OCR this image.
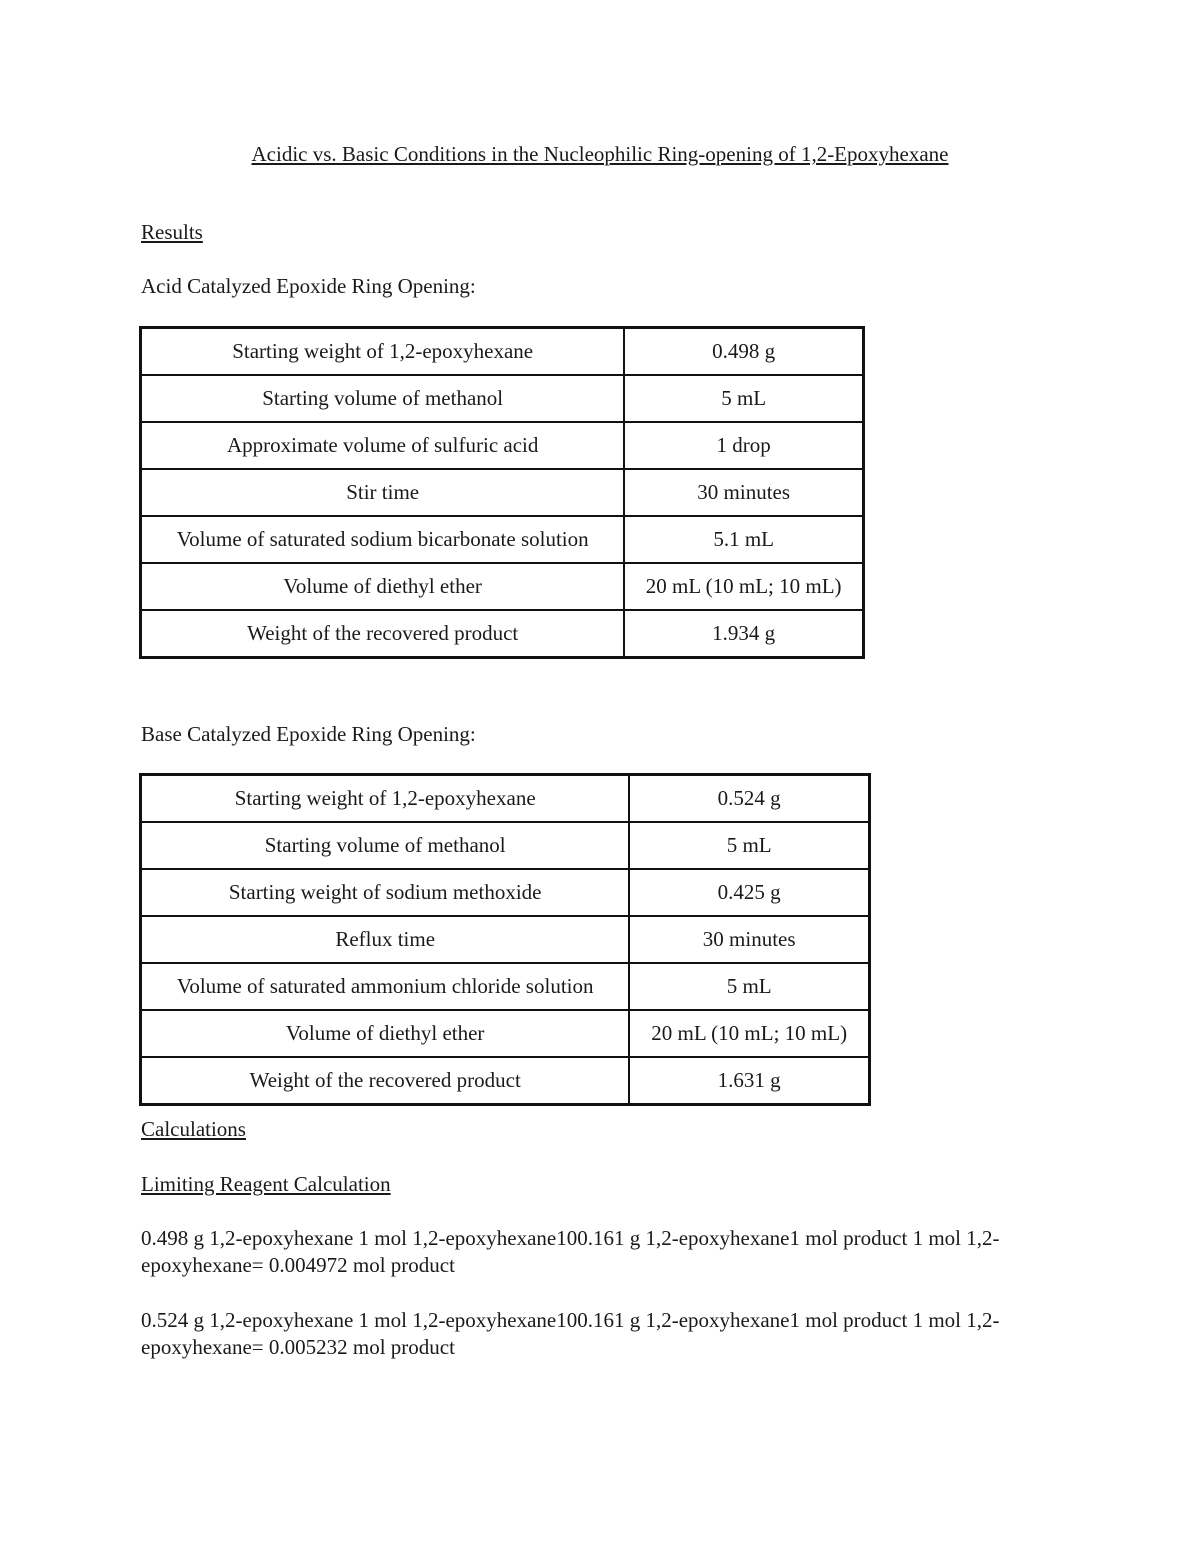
Acidic vs. Basic Conditions in the Nucleophilic Ring-opening of 1,2-Epoxyhexane
Results
Acid Catalyzed Epoxide Ring Opening:
Starting weight of 1,2-epoxyhexane	0.498 g
Starting volume of methanol	5 mL
Approximate volume of sulfuric acid	1 drop
Stir time	30 minutes
Volume of saturated sodium bicarbonate solution	5.1 mL
Volume of diethyl ether	20 mL (10 mL; 10 mL)
Weight of the recovered product	1.934 g
Base Catalyzed Epoxide Ring Opening:
Starting weight of 1,2-epoxyhexane	0.524 g
Starting volume of methanol	5 mL
Starting weight of sodium methoxide	0.425 g
Reflux time	30 minutes
Volume of saturated ammonium chloride solution	5 mL
Volume of diethyl ether	20 mL (10 mL; 10 mL)
Weight of the recovered product	1.631 g
Calculations
Limiting Reagent Calculation
0.498 g 1,2-epoxyhexane 1 mol 1,2-epoxyhexane100.161 g 1,2-epoxyhexane1 mol product 1 mol 1,2-epoxyhexane= 0.004972 mol product
0.524 g 1,2-epoxyhexane 1 mol 1,2-epoxyhexane100.161 g 1,2-epoxyhexane1 mol product 1 mol 1,2-epoxyhexane= 0.005232 mol product
